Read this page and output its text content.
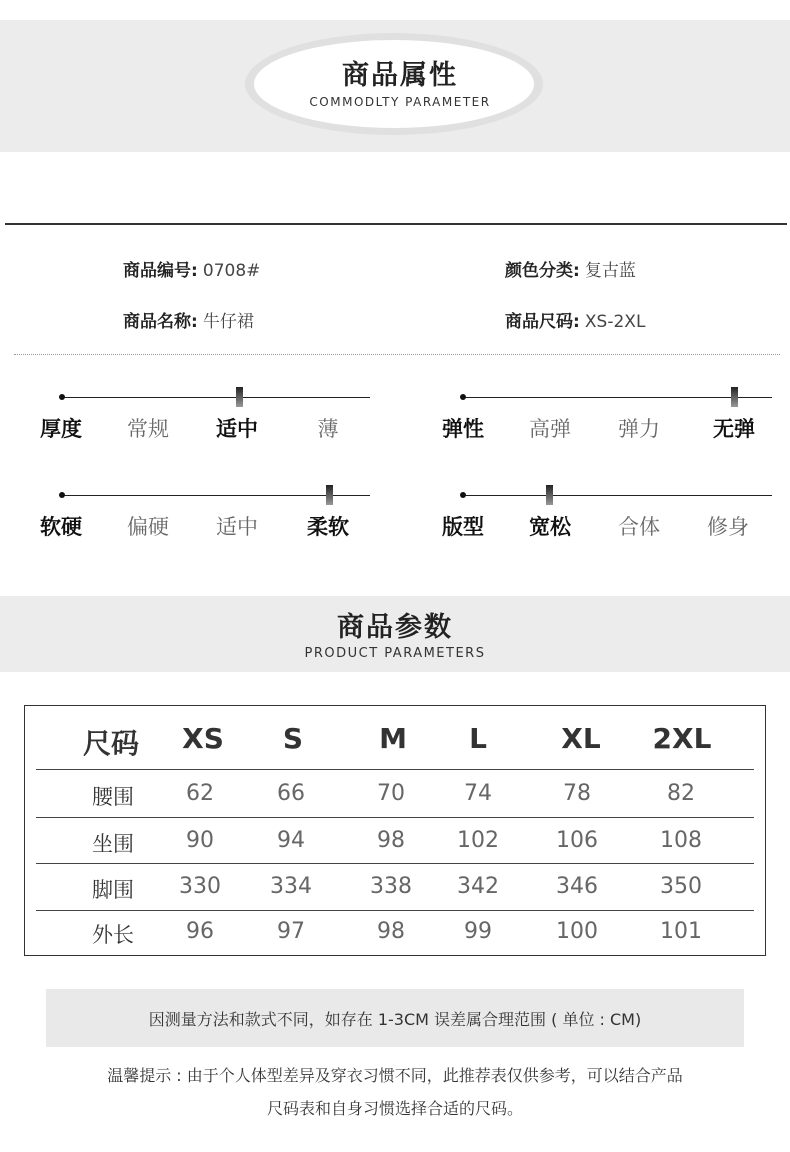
商品属性
COMMODLTY PARAMETER
商品编号: 0708#	颜色分类: 复古蓝
商品名称: 牛仔裙	商品尺码: XS-2XL
厚度	常规	适中	薄	弹性	高弹	弹力	无弹
软硬	偏硬	适中	柔软	版型	宽松	合体	修身
商品参数
PRODUCT PARAMETERS
尺码	XS	S	M	L	XL	2XL
腰围	62	66	70	74	78	82
坐围	90	94	98	102	106	108
脚围	330	334	338	342	346	350
外长	96	97	98	99	100	101
因测量方法和款式不同，如存在 1-3CM 误差属合理范围 ( 单位 : CM)
温馨提示 : 由于个人体型差异及穿衣习惯不同，此推荐表仅供参考，可以结合产品
尺码表和自身习惯选择合适的尺码。
